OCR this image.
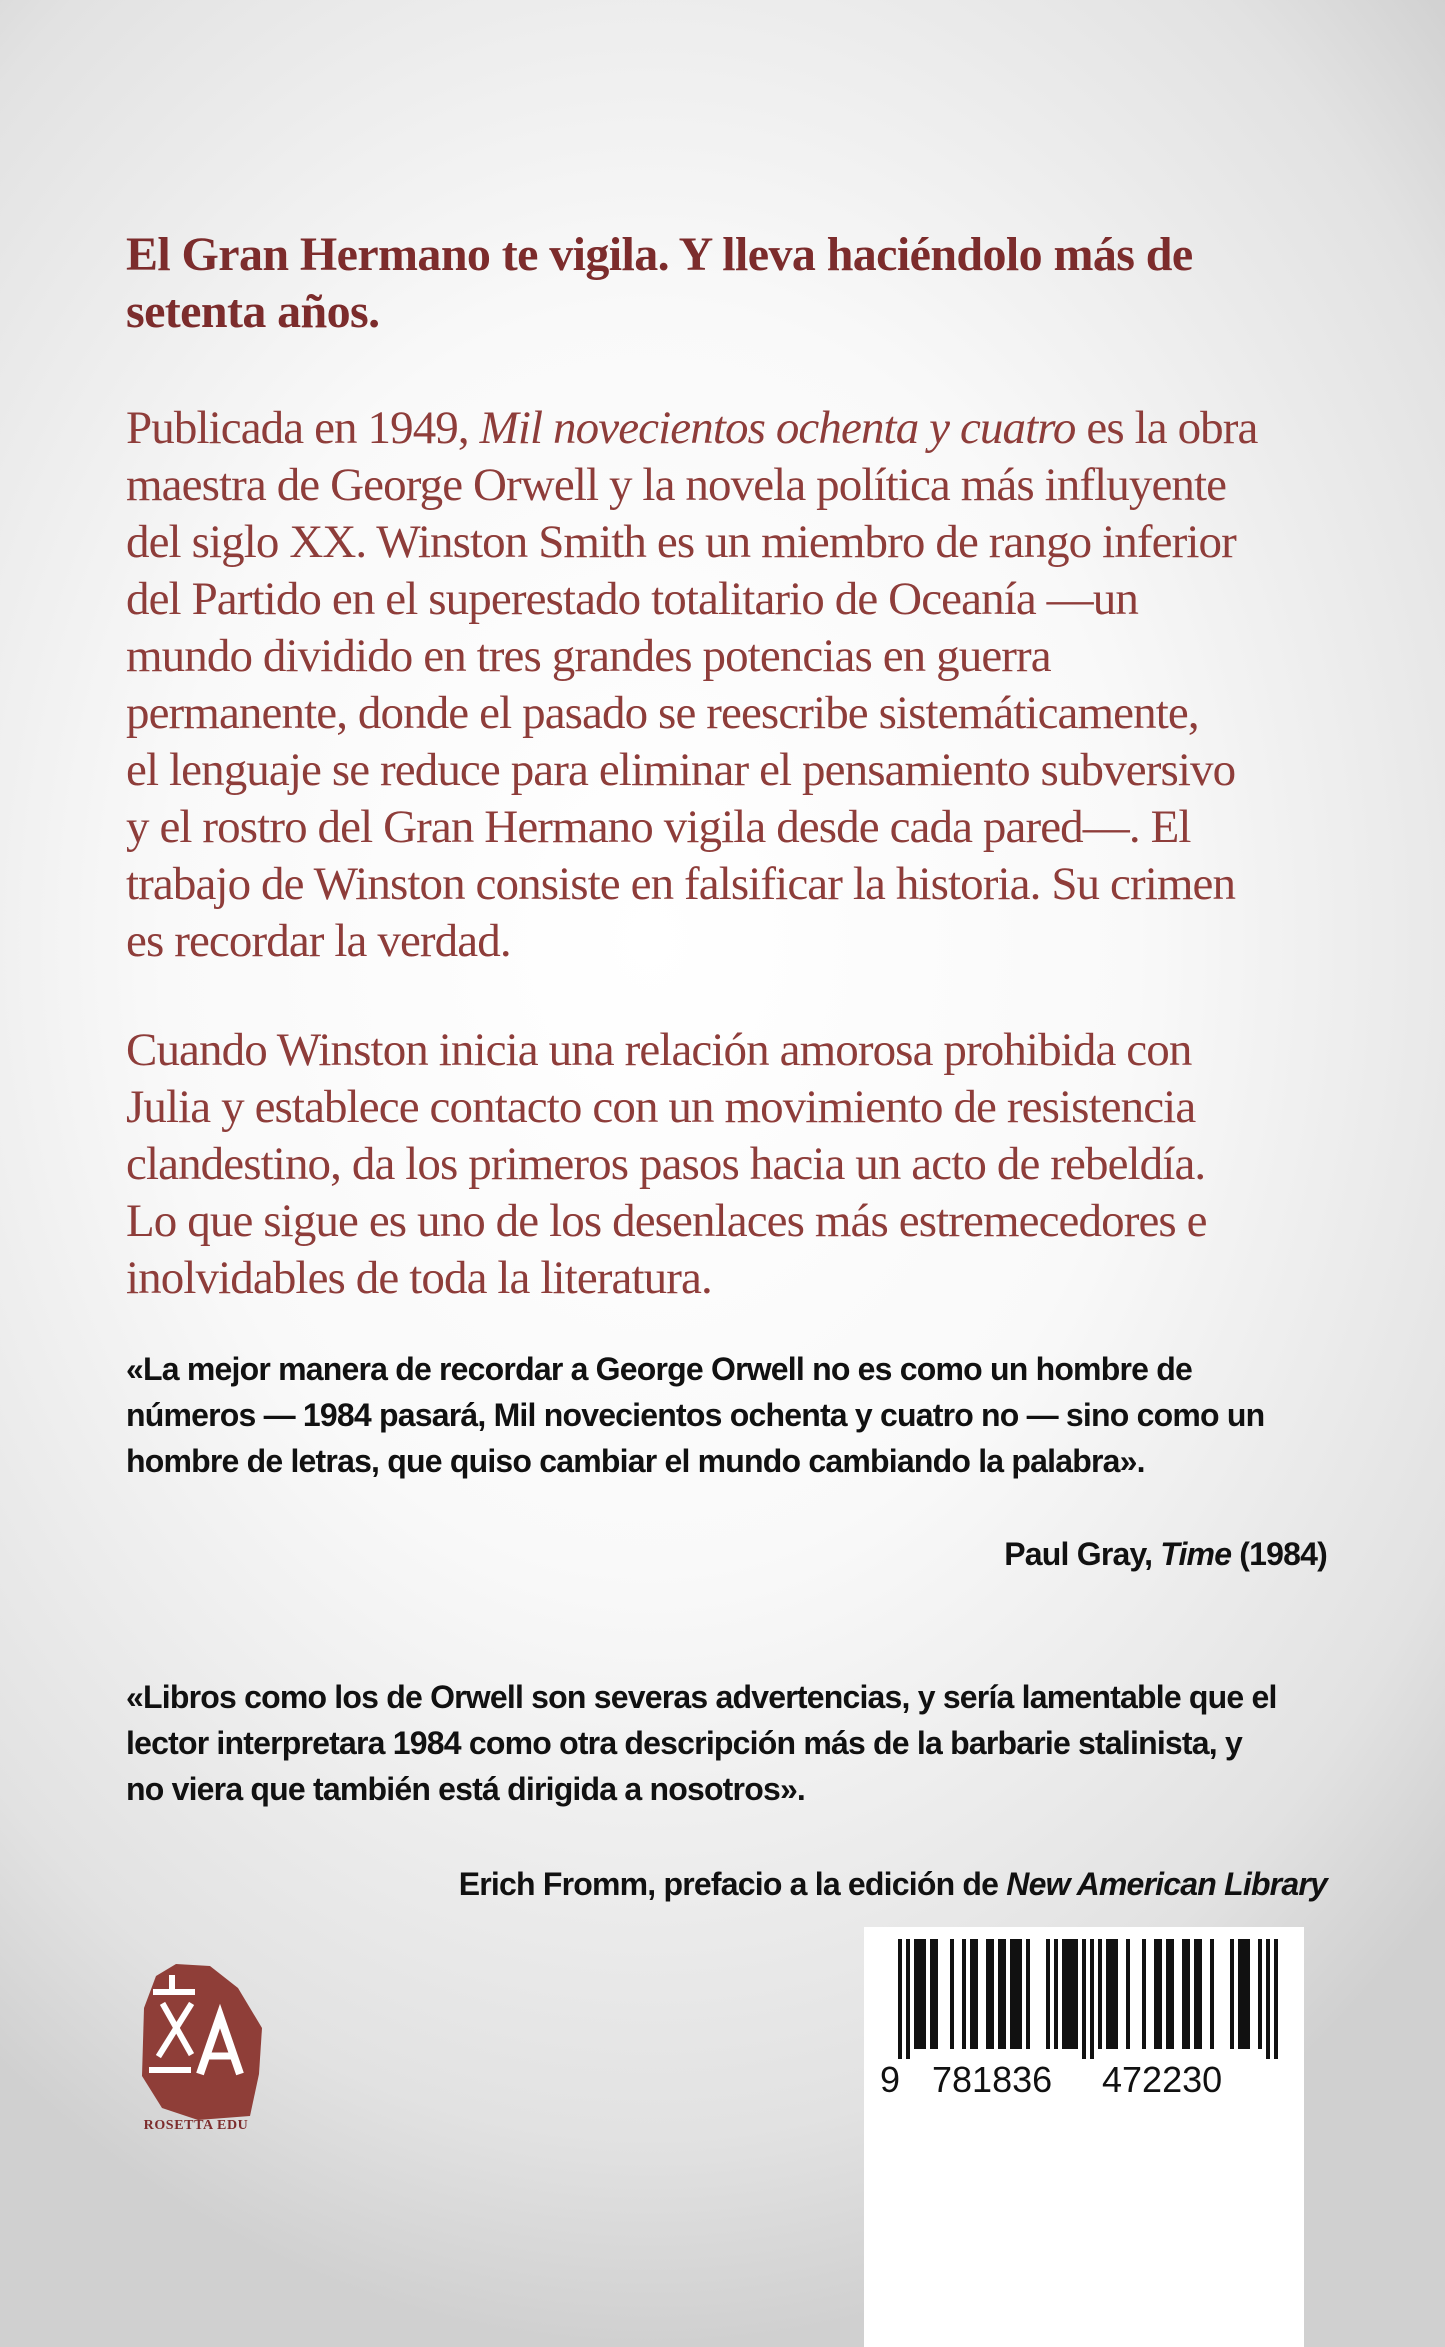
El Gran Hermano te vigila. Y lleva haciéndolo más de
setenta años.

Publicada en 1949, Mil novecientos ochenta y cuatro es la obra
maestra de George Orwell y la novela política más influyente
del siglo XX. Winston Smith es un miembro de rango inferior
del Partido en el superestado totalitario de Oceanía —un
mundo dividido en tres grandes potencias en guerra
permanente, donde el pasado se reescribe sistemáticamente,
el lenguaje se reduce para eliminar el pensamiento subversivo
y el rostro del Gran Hermano vigila desde cada pared—. El
trabajo de Winston consiste en falsificar la historia. Su crimen
es recordar la verdad.

Cuando Winston inicia una relación amorosa prohibida con
Julia y establece contacto con un movimiento de resistencia
clandestino, da los primeros pasos hacia un acto de rebeldía.
Lo que sigue es uno de los desenlaces más estremecedores e
inolvidables de toda la literatura.

«La mejor manera de recordar a George Orwell no es como un hombre de
números — 1984 pasará, Mil novecientos ochenta y cuatro no — sino como un
hombre de letras, que quiso cambiar el mundo cambiando la palabra».

Paul Gray, Time (1984)

«Libros como los de Orwell son severas advertencias, y sería lamentable que el
lector interpretara 1984 como otra descripción más de la barbarie stalinista, y
no viera que también está dirigida a nosotros».

Erich Fromm, prefacio a la edición de New American Library

ROSETTA EDU
9 781836 472230
